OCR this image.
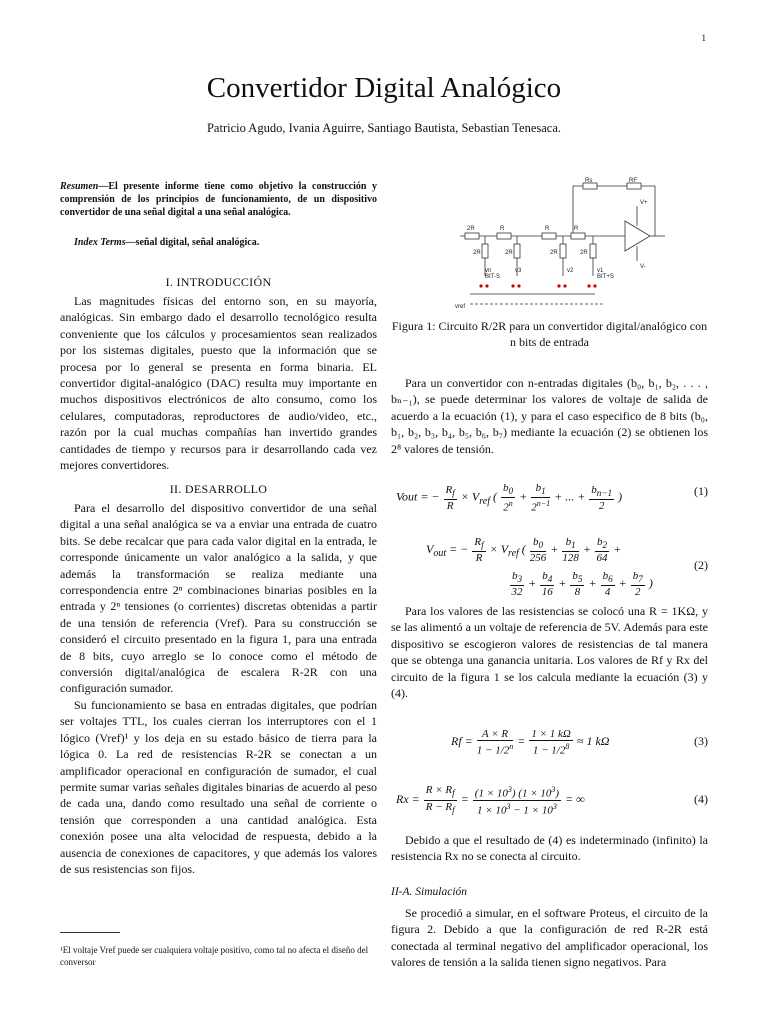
1
Convertidor Digital Analógico
Patricio Agudo, Ivania Aguirre, Santiago Bautista, Sebastian Tenesaca.
Resumen—El presente informe tiene como objetivo la construcción y comprensión de los principios de funcionamiento, de un dispositivo convertidor de una señal digital a una señal analógica.
Index Terms—señal digital, señal analógica.
I. INTRODUCCIÓN

Las magnitudes físicas del entorno son, en su mayoría, analógicas. Sin embargo dado el desarrollo tecnológico resulta conveniente que los cálculos y procesamientos sean realizados por los sistemas digitales, puesto que la información que se procesa por lo general se presenta en forma binaria. EL convertidor digital-analógico (DAC) resulta muy importante en muchos dispositivos electrónicos de alto consumo, como los celulares, computadoras, reproductores de audio/video, etc., razón por la cual muchas compañías han invertido grandes cantidades de tiempo y recursos para ir desarrollando cada vez mejores convertidores.

II. DESARROLLO

Para el desarrollo del dispositivo convertidor de una señal digital a una señal analógica se va a enviar una entrada de cuatro bits. Se debe recalcar que para cada valor digital en la entrada, le corresponde únicamente un valor analógico a la salida, y que además la transformación se realiza mediante una correspondencia entre 2ⁿ combinaciones binarias posibles en la entrada y 2ⁿ tensiones (o corrientes) discretas obtenidas a partir de una tensión de referencia (Vref). Para su construcción se consideró el circuito presentado en la figura 1, para una entrada de 8 bits, cuyo arreglo se lo conoce como el método de conversión digital/analógica de escalera R-2R con una configuración sumador.

Su funcionamiento se basa en entradas digitales, que podrían ser voltajes TTL, los cuales cierran los interruptores con el 1 lógico (Vref)¹ y los deja en su estado básico de tierra para la lógica 0. La red de resistencias R-2R se conectan a un amplificador operacional en configuración de sumador, el cual permite sumar varias señales digitales binarias de acuerdo al peso de cada una, dando como resultado una señal de corriente o tensión que corresponden a una cantidad analógica. Esta conexión posee una alta velocidad de respuesta, debido a la ausencia de conexiones de capacitores, y que además los valores de sus resistencias son fijos.

¹El voltaje Vref puede ser cualquiera voltaje positivo, como tal no afecta el diseño del conversor
Rs	RF
V+
V-
2R	R	R	R
2R	2R	2R	2R
vn
BIT-S
v3	v2	v1
BIT+S
vref
Figura 1: Circuito R/2R para un convertidor digital/analógico con n bits de entrada

Para un convertidor con n-entradas digitales (b₀, b₁, b₂, . . . , bₙ₋₁), se puede determinar los valores de voltaje de salida de acuerdo a la ecuación (1), y para el caso especifico de 8 bits (b₀, b₁, b₂, b₃, b₄, b₅, b₆, b₇) mediante la ecuación (2) se obtienen los 2⁸ valores de tensión.

Vout = − $\frac{R_f}{R} \times V_{ref}$ ( $\frac{b_0}{2^n} + \frac{b_1}{2^{n-1}}$ + ... + $\frac{b_{n-1}}{2}$ )	(1)
$V_{out}$ = − $\frac{R_f}{R} \times V_{ref}$ ( $\frac{b_0}{256} + \frac{b_1}{128} + \frac{b_2}{64}$ +
$\frac{b_3}{32} + \frac{b_4}{16} + \frac{b_5}{8} + \frac{b_6}{4} + \frac{b_7}{2}$ )
(2)

Para los valores de las resistencias se colocó una R = 1KΩ, y se las alimentó a un voltaje de referencia de 5V. Además para este dispositivo se escogieron valores de resistencias de tal manera que se obtenga una ganancia unitaria. Los valores de Rf y Rx del circuito de la figura 1 se los calcula mediante la ecuación (3) y (4).

$Rf = \frac{A \times R}{1 - 1/2^n} = \frac{1 \times 1 k\Omega}{1 - 1/2^8} \approx 1$ kΩ	(3)
$Rx = \frac{R \times R_f}{R - R_f} = \frac{(1 \times 10^3) (1 \times 10^3)}{1 \times 10^3 - 1 \times 10^3}$ = ∞	(4)

Debido a que el resultado de (4) es indeterminado (infinito) la resistencia Rx no se conecta al circuito.

II-A. Simulación

Se procedió a simular, en el software Proteus, el circuito de la figura 2. Debido a que la configuración de red R-2R está conectada al terminal negativo del amplificador operacional, los valores de tensión a la salida tienen signo negativos. Para
